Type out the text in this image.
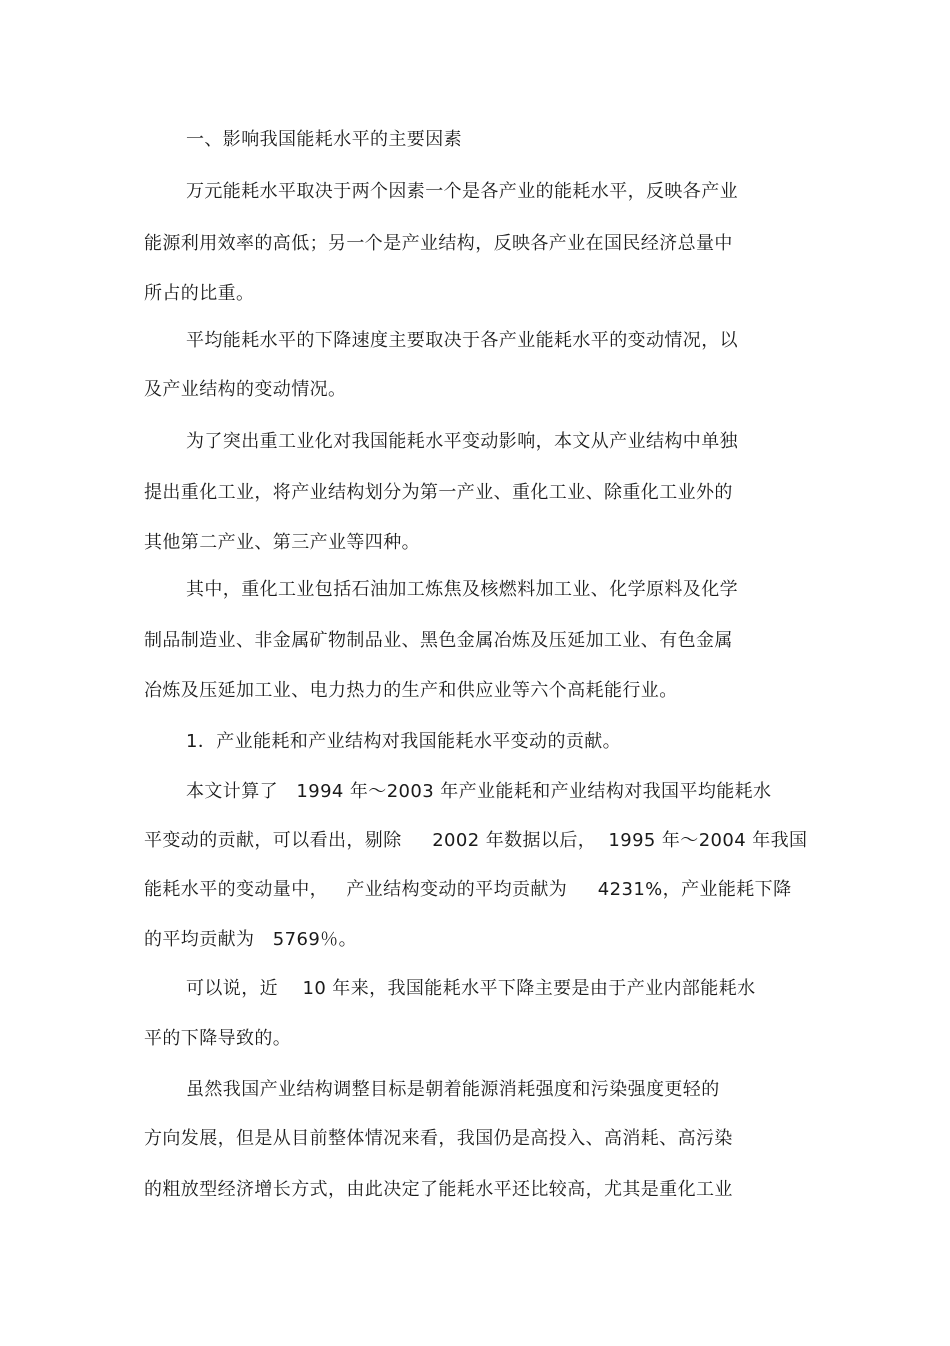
一、影响我国能耗水平的主要因素
万元能耗水平取决于两个因素一个是各产业的能耗水平，反映各产业
能源利用效率的高低；另一个是产业结构，反映各产业在国民经济总量中
所占的比重。
平均能耗水平的下降速度主要取决于各产业能耗水平的变动情况，以
及产业结构的变动情况。
为了突出重工业化对我国能耗水平变动影响，本文从产业结构中单独
提出重化工业，将产业结构划分为第一产业、重化工业、除重化工业外的
其他第二产业、第三产业等四种。
其中，重化工业包括石油加工炼焦及核燃料加工业、化学原料及化学
制品制造业、非金属矿物制品业、黑色金属冶炼及压延加工业、有色金属
冶炼及压延加工业、电力热力的生产和供应业等六个高耗能行业。
1．产业能耗和产业结构对我国能耗水平变动的贡献。
本文计算了   1994 年～2003 年产业能耗和产业结构对我国平均能耗水
平变动的贡献，可以看出，剔除     2002 年数据以后，  1995 年～2004 年我国
能耗水平的变动量中，   产业结构变动的平均贡献为     4231%，产业能耗下降
的平均贡献为   5769％。
可以说，近    10 年来，我国能耗水平下降主要是由于产业内部能耗水
平的下降导致的。
虽然我国产业结构调整目标是朝着能源消耗强度和污染强度更轻的
方向发展，但是从目前整体情况来看，我国仍是高投入、高消耗、高污染
的粗放型经济增长方式，由此决定了能耗水平还比较高，尤其是重化工业
